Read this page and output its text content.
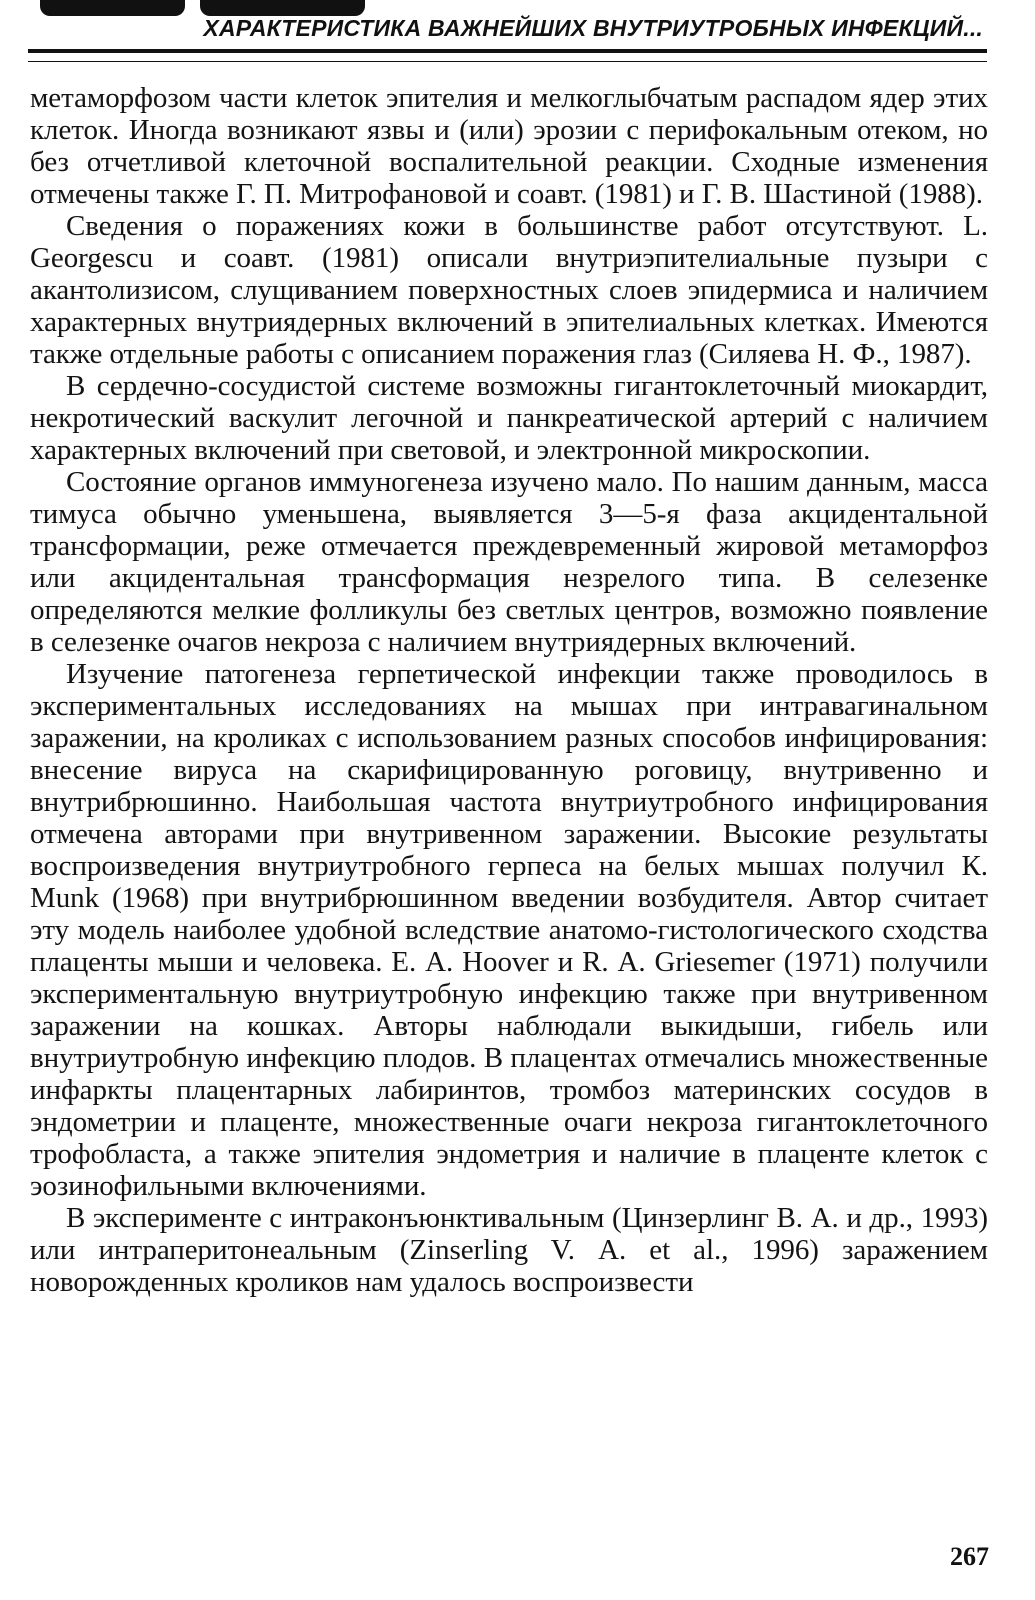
ХАРАКТЕРИСТИКА ВАЖНЕЙШИХ ВНУТРИУТРОБНЫХ ИНФЕКЦИЙ...

метаморфозом части клеток эпителия и мелкоглыбчатым распадом ядер этих клеток. Иногда возникают язвы и (или) эрозии с перифокальным отеком, но без отчетливой клеточной воспалительной реакции. Сходные изменения отмечены также Г. П. Митрофановой и соавт. (1981) и Г. В. Шастиной (1988).

Сведения о поражениях кожи в большинстве работ отсутствуют. L. Georgescu и соавт. (1981) описали внутриэпителиальные пузыри с акантолизисом, слущиванием поверхностных слоев эпидермиса и наличием характерных внутриядерных включений в эпителиальных клетках. Имеются также отдельные работы с описанием поражения глаз (Силяева Н. Ф., 1987).

В сердечно-сосудистой системе возможны гигантоклеточный миокардит, некротический васкулит легочной и панкреатической артерий с наличием характерных включений при световой, и электронной микроскопии.

Состояние органов иммуногенеза изучено мало. По нашим данным, масса тимуса обычно уменьшена, выявляется 3—5-я фаза акцидентальной трансформации, реже отмечается преждевременный жировой метаморфоз или акцидентальная трансформация незрелого типа. В селезенке определяются мелкие фолликулы без светлых центров, возможно появление в селезенке очагов некроза с наличием внутриядерных включений.

Изучение патогенеза герпетической инфекции также проводилось в экспериментальных исследованиях на мышах при интравагинальном заражении, на кроликах с использованием разных способов инфицирования: внесение вируса на скарифицированную роговицу, внутривенно и внутрибрюшинно. Наибольшая частота внутриутробного инфицирования отмечена авторами при внутривенном заражении. Высокие результаты воспроизведения внутриутробного герпеса на белых мышах получил К. Munk (1968) при внутрибрюшинном введении возбудителя. Автор считает эту модель наиболее удобной вследствие анатомо-гистологического сходства плаценты мыши и человека. Е. А. Hoover и R. А. Griesemer (1971) получили экспериментальную внутриутробную инфекцию также при внутривенном заражении на кошках. Авторы наблюдали выкидыши, гибель или внутриутробную инфекцию плодов. В плацентах отмечались множественные инфаркты плацентарных лабиринтов, тромбоз материнских сосудов в эндометрии и плаценте, множественные очаги некроза гигантоклеточного трофобласта, а также эпителия эндометрия и наличие в плаценте клеток с эозинофильными включениями.

В эксперименте с интраконъюнктивальным (Цинзерлинг В. А. и др., 1993) или интраперитонеальным (Zinserling V. А. et al., 1996) заражением новорожденных кроликов нам удалось воспроизвести

267
